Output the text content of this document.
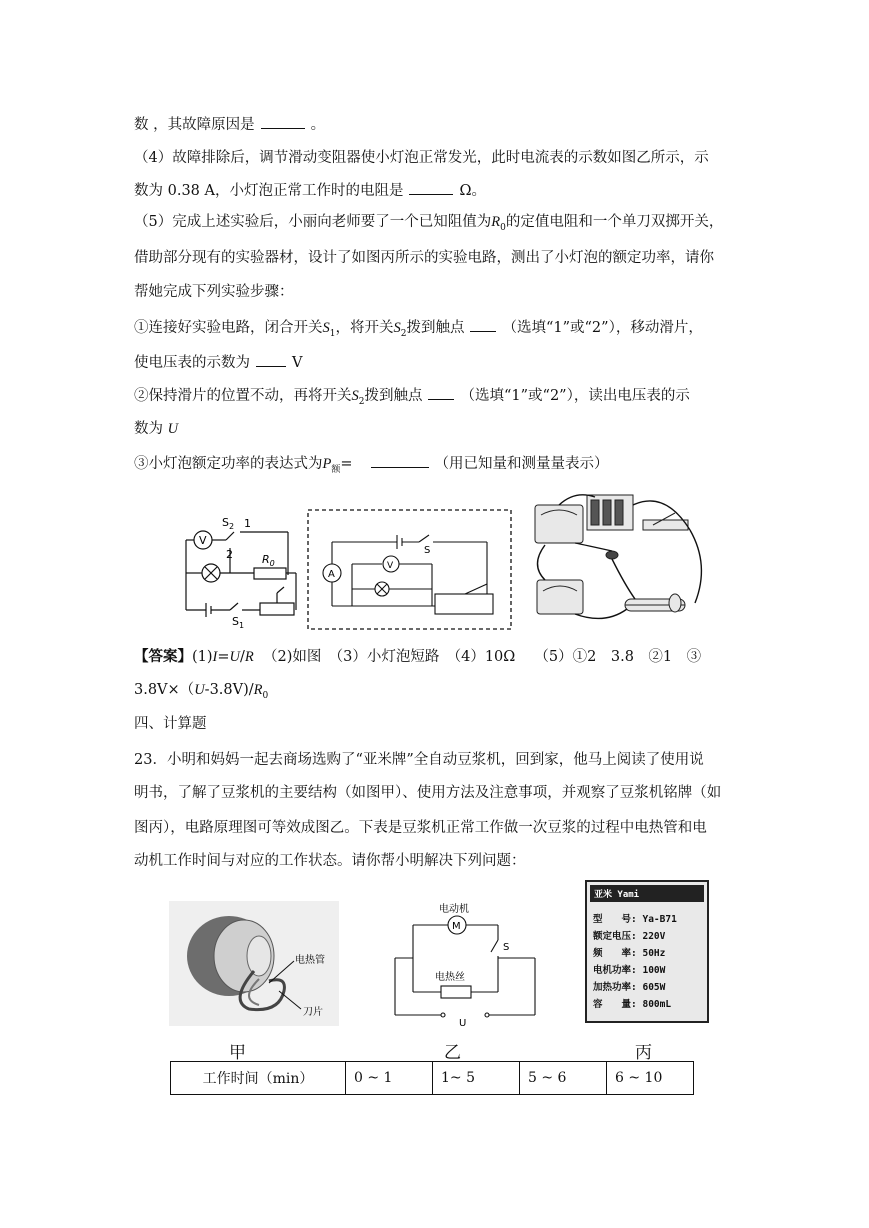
数 ，其故障原因是	。
（4）故障排除后，调节滑动变阻器使小灯泡正常发光，此时电流表的示数如图乙所示，示
数为 0.38 A，小灯泡正常工作时的电阻是	Ω。
（5）完成上述实验后，小丽向老师要了一个已知阻值为$R_0$的定值电阻和一个单刀双掷开关，
借助部分现有的实验器材，设计了如图丙所示的实验电路，测出了小灯泡的额定功率，请你
帮她完成下列实验步骤：
①连接好实验电路，闭合开关$S_1$，将开关$S_2$拨到触点	（选填“1”或“2”），移动滑片，
使电压表的示数为	V
②保持滑片的位置不动，再将开关$S_2$拨到触点	（选填“1”或“2”），读出电压表的示
数为 U
③小灯泡额定功率的表达式为$P_额=$	（用已知量和测量量表示）
V
$S_2$ 1
2	$R_0$
$S_1$
A
V
S
【答案】(1)I=U/R （2)如图　（3）小灯泡短路　（4）10Ω　 （5）①2　3.8　②1　③
$3.8V\times(U-3.8V)/R_0$
四、计算题
23．小明和妈妈一起去商场选购了“亚米牌”全自动豆浆机，回到家，他马上阅读了使用说
明书，了解了豆浆机的主要结构（如图甲）、使用方法及注意事项，并观察了豆浆机铭牌（如
图丙），电路原理图可等效成图乙。下表是豆浆机正常工作做一次豆浆的过程中电热管和电
动机工作时间与对应的工作状态。请你帮小明解决下列问题：
电热管
刀片
电动机
M
S
电热丝
U
亚米 Yami
型　　号: Ya-B71
额定电压: 220V
频　　率: 50Hz
电机功率: 100W
加热功率: 605W
容　　量: 800mL
甲	乙	丙
工作时间（min）	0 ~ 1	1~ 5	5 ~ 6	6 ~ 10
